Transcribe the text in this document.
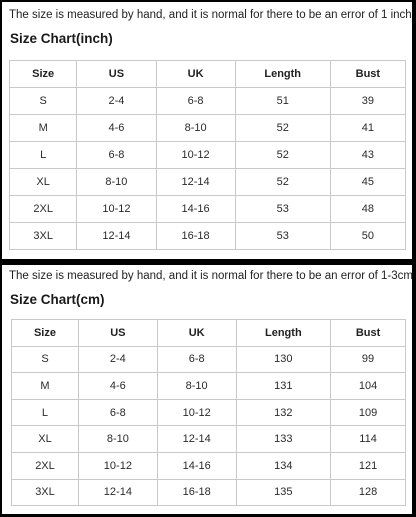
The size is measured by hand, and it is normal for there to be an error of 1 inch
Size Chart(inch)
Size	US	UK	Length	Bust
S	2-4	6-8	51	39
M	4-6	8-10	52	41
L	6-8	10-12	52	43
XL	8-10	12-14	52	45
2XL	10-12	14-16	53	48
3XL	12-14	16-18	53	50
The size is measured by hand, and it is normal for there to be an error of 1-3cm
Size Chart(cm)
Size	US	UK	Length	Bust
S	2-4	6-8	130	99
M	4-6	8-10	131	104
L	6-8	10-12	132	109
XL	8-10	12-14	133	114
2XL	10-12	14-16	134	121
3XL	12-14	16-18	135	128
